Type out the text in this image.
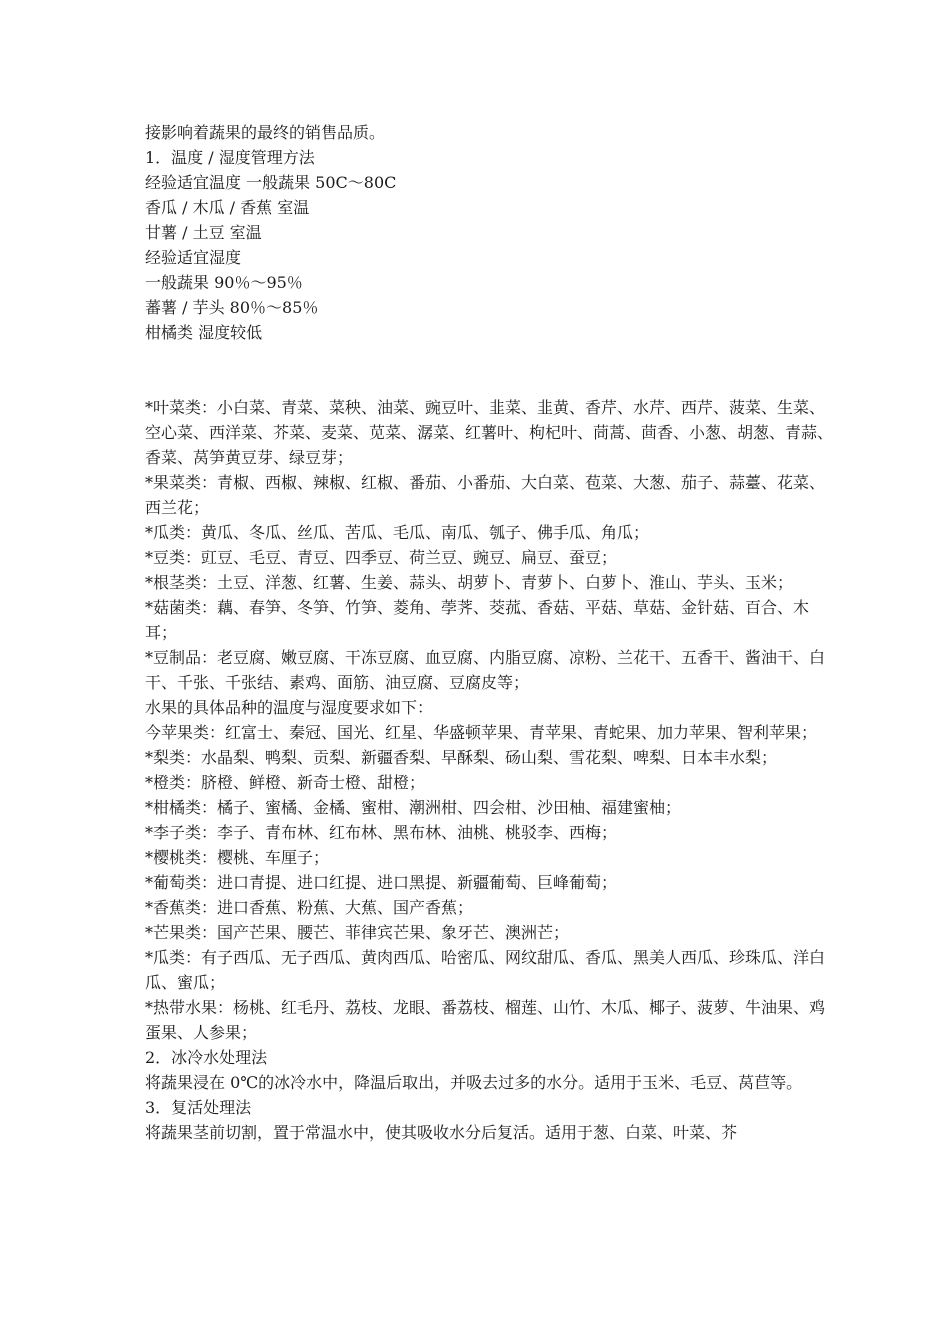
接影响着蔬果的最终的销售品质。

1．温度 / 湿度管理方法

经验适宜温度 一般蔬果 50C～80C

香瓜 / 木瓜 / 香蕉 室温

甘薯 / 土豆 室温

经验适宜湿度

一般蔬果 90％～95％

蕃薯 / 芋头 80％～85％

柑橘类 湿度较低

*叶菜类：小白菜、青菜、菜秧、油菜、豌豆叶、韭菜、韭黄、香芹、水芹、西芹、菠菜、生菜、空心菜、西洋菜、芥菜、麦菜、苋菜、潺菜、红薯叶、枸杞叶、茼蒿、茴香、小葱、胡葱、青蒜、香菜、莴笋黄豆芽、绿豆芽；

*果菜类：青椒、西椒、辣椒、红椒、番茄、小番茄、大白菜、苞菜、大葱、茄子、蒜薹、花菜、西兰花；

*瓜类：黄瓜、冬瓜、丝瓜、苦瓜、毛瓜、南瓜、瓠子、佛手瓜、角瓜；

*豆类：豇豆、毛豆、青豆、四季豆、荷兰豆、豌豆、扁豆、蚕豆；

*根茎类：土豆、洋葱、红薯、生姜、蒜头、胡萝卜、青萝卜、白萝卜、淮山、芋头、玉米；

*菇菌类：藕、春笋、冬笋、竹笋、菱角、荸荠、茭菰、香菇、平菇、草菇、金针菇、百合、木耳；

*豆制品：老豆腐、嫩豆腐、干冻豆腐、血豆腐、内脂豆腐、凉粉、兰花干、五香干、酱油干、白干、千张、千张结、素鸡、面筋、油豆腐、豆腐皮等；

水果的具体品种的温度与湿度要求如下：

今苹果类：红富士、秦冠、国光、红星、华盛顿苹果、青苹果、青蛇果、加力苹果、智利苹果；

*梨类：水晶梨、鸭梨、贡梨、新疆香梨、早酥梨、砀山梨、雪花梨、啤梨、日本丰水梨；

*橙类：脐橙、鲜橙、新奇士橙、甜橙；

*柑橘类：橘子、蜜橘、金橘、蜜柑、潮洲柑、四会柑、沙田柚、福建蜜柚；

*李子类：李子、青布林、红布林、黑布林、油桃、桃驳李、西梅；

*樱桃类：樱桃、车厘子；

*葡萄类：进口青提、进口红提、进口黑提、新疆葡萄、巨峰葡萄；

*香蕉类：进口香蕉、粉蕉、大蕉、国产香蕉；

*芒果类：国产芒果、腰芒、菲律宾芒果、象牙芒、澳洲芒；

*瓜类：有子西瓜、无子西瓜、黄肉西瓜、哈密瓜、网纹甜瓜、香瓜、黑美人西瓜、珍珠瓜、洋白瓜、蜜瓜；

*热带水果：杨桃、红毛丹、荔枝、龙眼、番荔枝、榴莲、山竹、木瓜、椰子、菠萝、牛油果、鸡蛋果、人参果；

2．冰冷水处理法

将蔬果浸在 0℃的冰冷水中，降温后取出，并吸去过多的水分。适用于玉米、毛豆、莴苣等。

3．复活处理法

将蔬果茎前切割，置于常温水中，使其吸收水分后复活。适用于葱、白菜、叶菜、芥
